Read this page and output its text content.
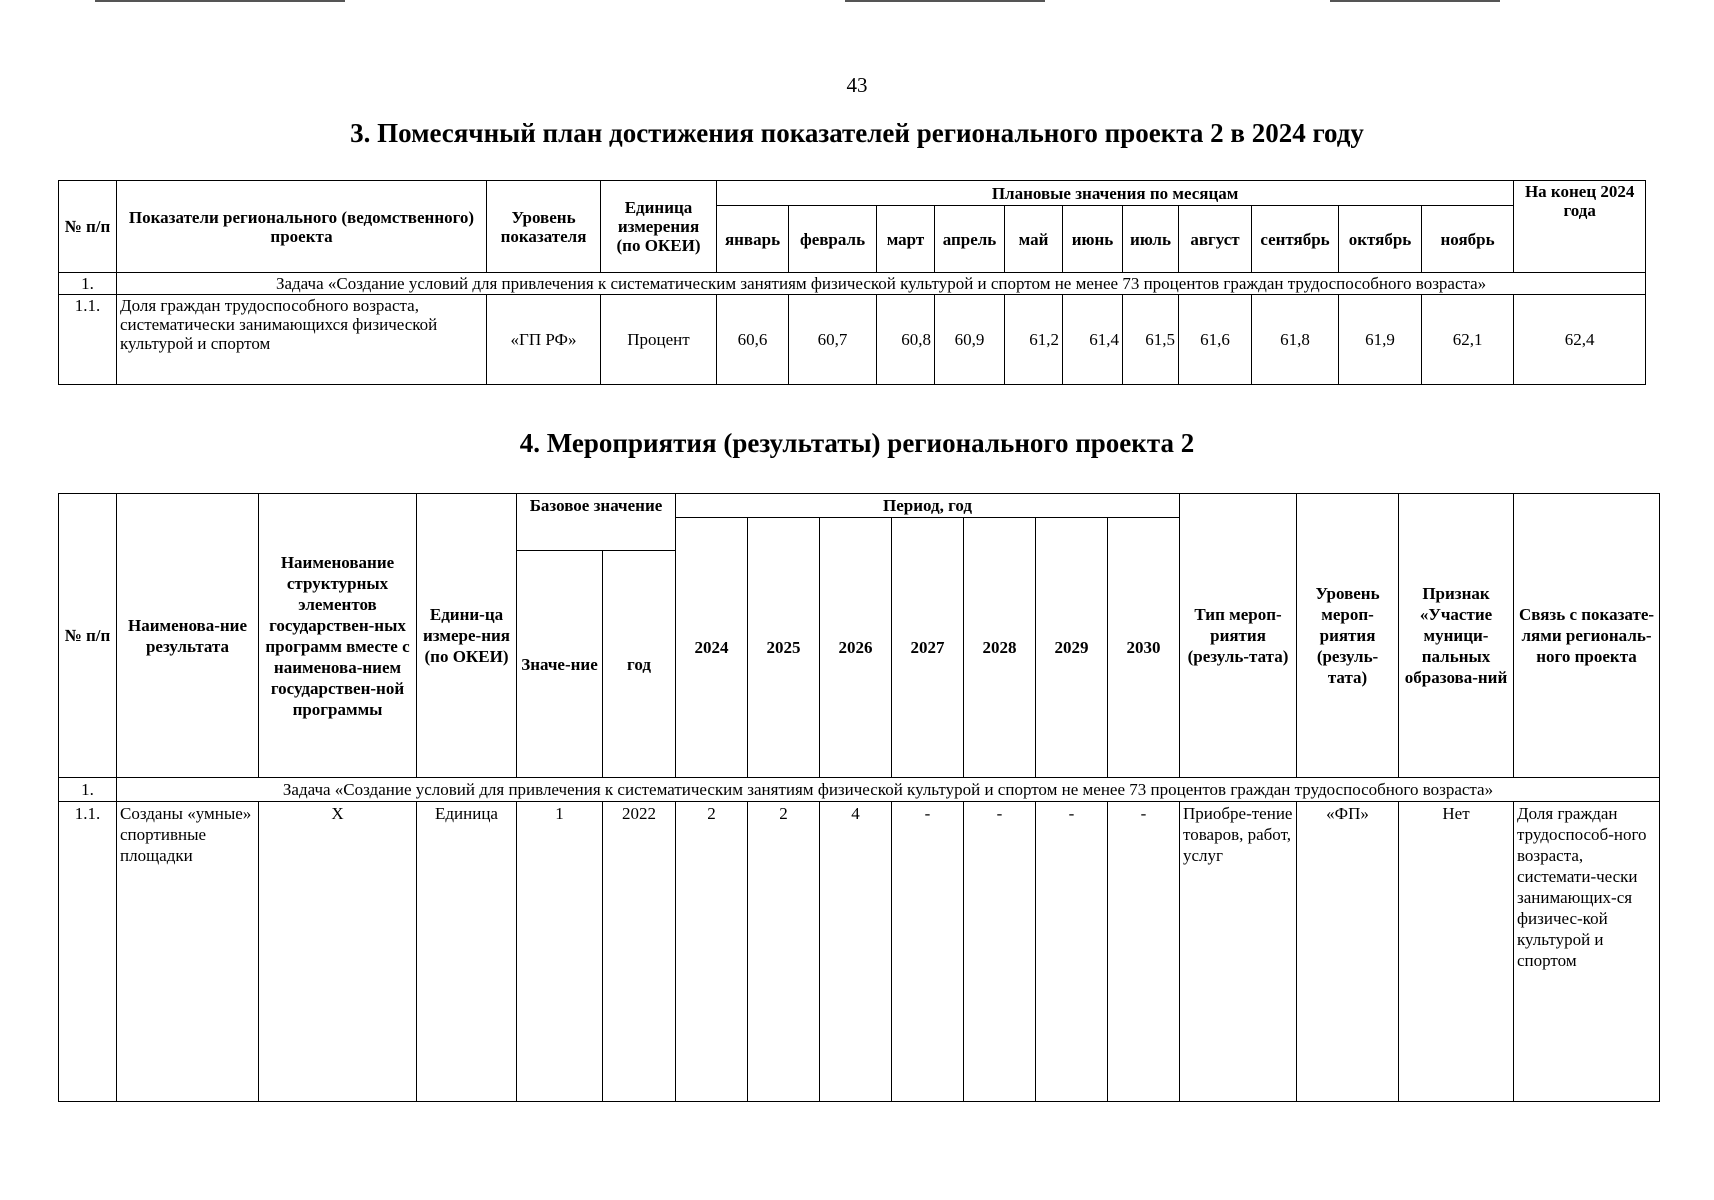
43
3. Помесячный план достижения показателей регионального проекта 2 в 2024 году
№ п/п	Показатели регионального (ведомственного) проекта	Уровень показателя	Единица измерения (по ОКЕИ)	Плановые значения по месяцам											На конец 2024 года
				январь	февраль	март	апрель	май	июнь	июль	август	сентябрь	октябрь	ноябрь	
1.	Задача «Создание условий для привлечения к систематическим занятиям физической культурой и спортом не менее 73 процентов граждан трудоспособного возраста»														
1.1.	Доля граждан трудоспособного возраста, систематически занимающихся физической культурой и спортом	«ГП РФ»	Процент	60,6	60,7	60,8	60,9	61,2	61,4	61,5	61,6	61,8	61,9	62,1	62,4
4. Мероприятия (результаты) регионального проекта 2
№ п/п	Наименова-ние результата	Наименование структурных элементов государствен-ных программ вместе с наименова-нием государствен-ной программы	Едини-ца измере-ния (по ОКЕИ)	Базовое значение		Период, год							Тип мероп-риятия (резуль-тата)	Уровень мероп-риятия (резуль-тата)	Признак «Участие муници-пальных образова-ний	Связь с показате-лями региональ-ного проекта
						2024	2025	2026	2027	2028	2029	2030				
				Значе-ние	год											
1.	Задача «Создание условий для привлечения к систематическим занятиям физической культурой и спортом не менее 73 процентов граждан трудоспособного возраста»															
1.1.	Созданы «умные» спортивные площадки	X	Единица	1	2022	2	2	4	-	-	-	-	Приобре-тение товаров, работ, услуг	«ФП»	Нет	Доля граждан трудоспособ-ного возраста, системати-чески занимающих-ся физичес-кой культурой и спортом
